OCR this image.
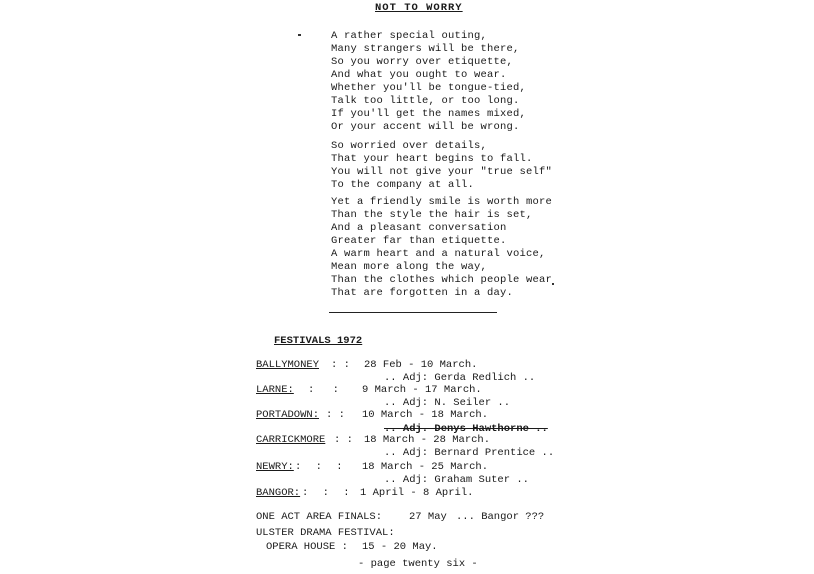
NOT TO WORRY
A rather special outing,
Many strangers will be there,
So you worry over etiquette,
And what you ought to wear.
Whether you'll be tongue-tied,
Talk too little, or too long.
If you'll get the names mixed,
Or your accent will be wrong.
So worried over details,
That your heart begins to fall.
You will not give your "true self"
To the company at all.
Yet a friendly smile is worth more
Than the style the hair is set,
And a pleasant conversation
Greater far than etiquette.
A warm heart and a natural voice,
Mean more along the way,
Than the clothes which people wear
That are forgotten in a day.
FESTIVALS 1972
BALLYMONEY : : 28 Feb - 10 March.
.. Adj: Gerda Redlich ..
LARNE: : : 9 March - 17 March.
.. Adj: N. Seiler ..
PORTADOWN: : : 10 March - 18 March.
.. Adj. Denys Hawthorne ..
CARRICKMORE : : 18 March - 28 March.
.. Adj: Bernard Prentice ..
NEWRY: : : : 18 March - 25 March.
.. Adj: Graham Suter ..
BANGOR: : : : 1 April - 8 April.
ONE ACT AREA FINALS:	27 May ... Bangor ???
ULSTER DRAMA FESTIVAL:
OPERA HOUSE : 15 - 20 May.
- page twenty six -
